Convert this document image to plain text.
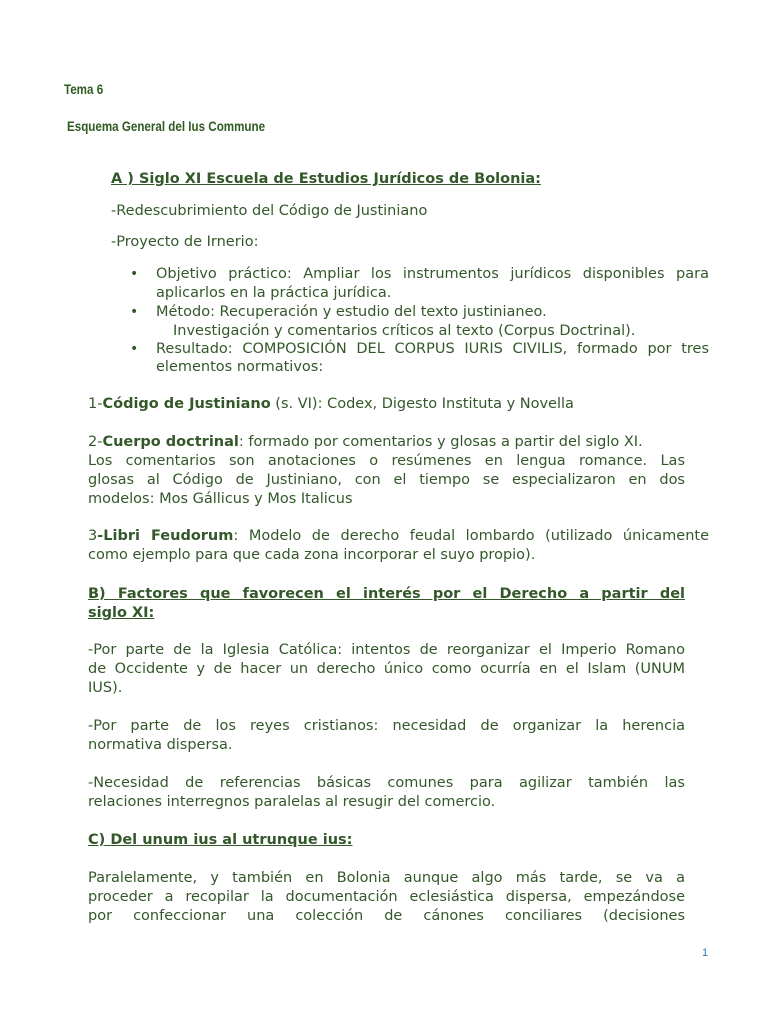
Tema 6
Esquema General del Ius Commune
A ) Siglo XI Escuela de Estudios Jurídicos de Bolonia:
-Redescubrimiento del Código de Justiniano
-Proyecto de Irnerio:
• Objetivo práctico: Ampliar los instrumentos jurídicos disponibles para
aplicarlos en la práctica jurídica.
• Método: Recuperación y estudio del texto justinianeo.
Investigación y comentarios críticos al texto (Corpus Doctrinal).
• Resultado: COMPOSICIÓN DEL CORPUS IURIS CIVILIS, formado por tres
elementos normativos:
1-Código de Justiniano (s. VI): Codex, Digesto Instituta y Novella
2-Cuerpo doctrinal: formado por comentarios y glosas a partir del siglo XI.
Los comentarios son anotaciones o resúmenes en lengua romance. Las
glosas al Código de Justiniano, con el tiempo se especializaron en dos
modelos: Mos Gállicus y Mos Italicus
3-Libri Feudorum: Modelo de derecho feudal lombardo (utilizado únicamente
como ejemplo para que cada zona incorporar el suyo propio).
B) Factores que favorecen el interés por el Derecho a partir del
siglo XI:
-Por parte de la Iglesia Católica: intentos de reorganizar el Imperio Romano
de Occidente y de hacer un derecho único como ocurría en el Islam (UNUM
IUS).
-Por parte de los reyes cristianos: necesidad de organizar la herencia
normativa dispersa.
-Necesidad de referencias básicas comunes para agilizar también las
relaciones interregnos paralelas al resugir del comercio.
C) Del unum ius al utrunque ius:
Paralelamente, y también en Bolonia aunque algo más tarde, se va a
proceder a recopilar la documentación eclesiástica dispersa, empezándose
por confeccionar una colección de cánones conciliares (decisiones
1
